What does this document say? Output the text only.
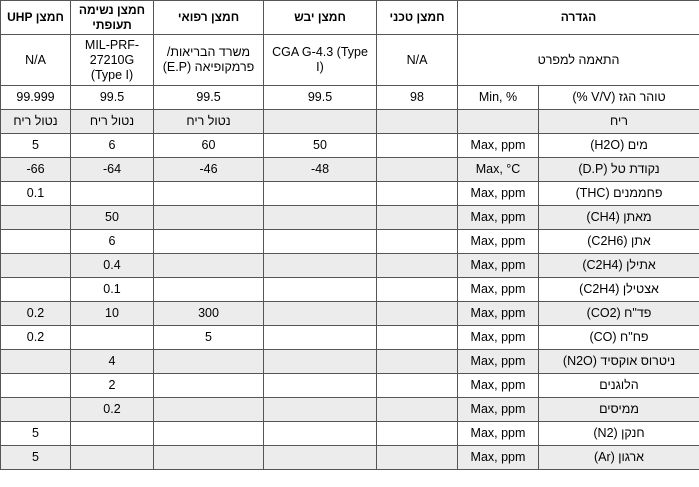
חמצן UHP	חמצן נשימה תעופתי	חמצן רפואי	חמצן יבש	חמצן טכני	הגדרה	
N/A	MIL-PRF-27210G (Type I)	משרד הבריאות/ פרמקופיאה (E.P)	CGA G-4.3 (Type I)	N/A	התאמה למפרט	
99.999	99.5	99.5	99.5	98	Min, %	טוהר הגז (V/V %)
נטול ריח	נטול ריח	נטול ריח				ריח
5	6	60	50		Max, ppm	מים (H2O)
-66	-64	-46	-48		Max, °C	נקודת טל (D.P)
0.1					Max, ppm	פחממנים (THC)
	50				Max, ppm	מאתן (CH4)
	6				Max, ppm	אתן (C2H6)
	0.4				Max, ppm	אתילן (C2H4)
	0.1				Max, ppm	אצטילן (C2H4)
0.2	10	300			Max, ppm	פד"ח (CO2)
0.2		5			Max, ppm	פח"ח (CO)
	4				Max, ppm	ניטרוס אוקסיד (N2O)
	2				Max, ppm	הלוגנים
	0.2				Max, ppm	ממיסים
5					Max, ppm	חנקן (N2)
5					Max, ppm	ארגון (Ar)
